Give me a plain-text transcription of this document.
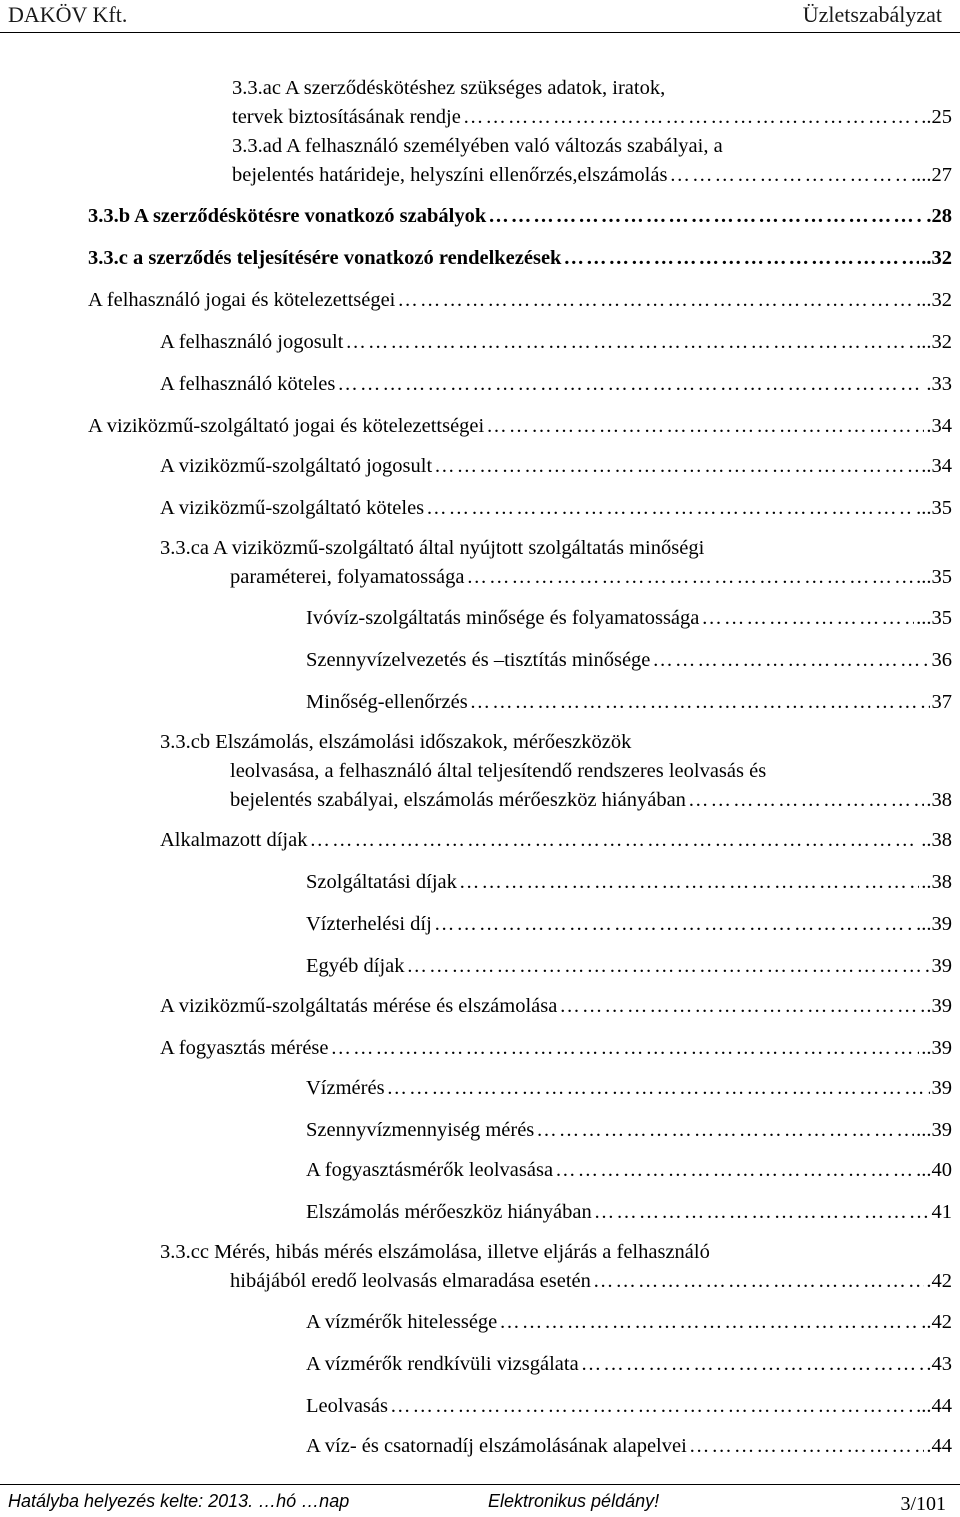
DAKÖV Kft.	Üzletszabályzat
3.3.ac A szerződéskötéshez szükséges adatok, iratok,
tervek biztosításának rendje …………………………………………………………………………………………………………………………………………………………………………………………	..25
3.3.ad A felhasználó személyében való változás szabályai, a
bejelentés határideje, helyszíni ellenőrzés,elszámolás …………………………………………………………………………………………………………………………………………………………………………………………	....27
3.3.b A szerződéskötésre vonatkozó szabályok …………………………………………………………………………………………………………………………………………………………………………………………	.28
3.3.c a szerződés teljesítésére vonatkozó rendelkezések …………………………………………………………………………………………………………………………………………………………………………………………	..32
A felhasználó jogai és kötelezettségei …………………………………………………………………………………………………………………………………………………………………………………………	...32
A felhasználó jogosult …………………………………………………………………………………………………………………………………………………………………………………………	...32
A felhasználó köteles …………………………………………………………………………………………………………………………………………………………………………………………	.33
A viziközmű-szolgáltató jogai és kötelezettségei …………………………………………………………………………………………………………………………………………………………………………………………	.34
A viziközmű-szolgáltató jogosult …………………………………………………………………………………………………………………………………………………………………………………………	..34
A viziközmű-szolgáltató köteles …………………………………………………………………………………………………………………………………………………………………………………………	...35
3.3.ca A viziközmű-szolgáltató által nyújtott szolgáltatás minőségi
paraméterei, folyamatossága …………………………………………………………………………………………………………………………………………………………………………………………	...35
Ivóvíz-szolgáltatás minősége és folyamatossága …………………………………………………………………………………………………………………………………………………………………………………………	...35
Szennyvízelvezetés és –tisztítás minősége …………………………………………………………………………………………………………………………………………………………………………………………	36
Minőség-ellenőrzés …………………………………………………………………………………………………………………………………………………………………………………………	37
3.3.cb Elszámolás, elszámolási időszakok, mérőeszközök
leolvasása, a felhasználó által teljesítendő rendszeres leolvasás és
bejelentés szabályai, elszámolás mérőeszköz hiányában …………………………………………………………………………………………………………………………………………………………………………………………	.38
Alkalmazott díjak …………………………………………………………………………………………………………………………………………………………………………………………	..38
Szolgáltatási díjak …………………………………………………………………………………………………………………………………………………………………………………………	..38
Vízterhelési díj …………………………………………………………………………………………………………………………………………………………………………………………	...39
Egyéb díjak …………………………………………………………………………………………………………………………………………………………………………………………	39
A viziközmű-szolgáltatás mérése és elszámolása …………………………………………………………………………………………………………………………………………………………………………………………	.39
A fogyasztás mérése …………………………………………………………………………………………………………………………………………………………………………………………	..39
Vízmérés …………………………………………………………………………………………………………………………………………………………………………………………	39
Szennyvízmennyiség mérés …………………………………………………………………………………………………………………………………………………………………………………………	...39
A fogyasztásmérők leolvasása …………………………………………………………………………………………………………………………………………………………………………………………	...40
Elszámolás mérőeszköz hiányában …………………………………………………………………………………………………………………………………………………………………………………………	41
3.3.cc Mérés, hibás mérés elszámolása, illetve eljárás a felhasználó
hibájából eredő leolvasás elmaradása esetén …………………………………………………………………………………………………………………………………………………………………………………………	.42
A vízmérők hitelessége …………………………………………………………………………………………………………………………………………………………………………………………	..42
A vízmérők rendkívüli vizsgálata …………………………………………………………………………………………………………………………………………………………………………………………	.43
Leolvasás …………………………………………………………………………………………………………………………………………………………………………………………	...44
A víz- és csatornadíj elszámolásának alapelvei …………………………………………………………………………………………………………………………………………………………………………………………	.44
Hatályba helyezés kelte: 2013. …hó …nap	Elektronikus példány!	3/101
